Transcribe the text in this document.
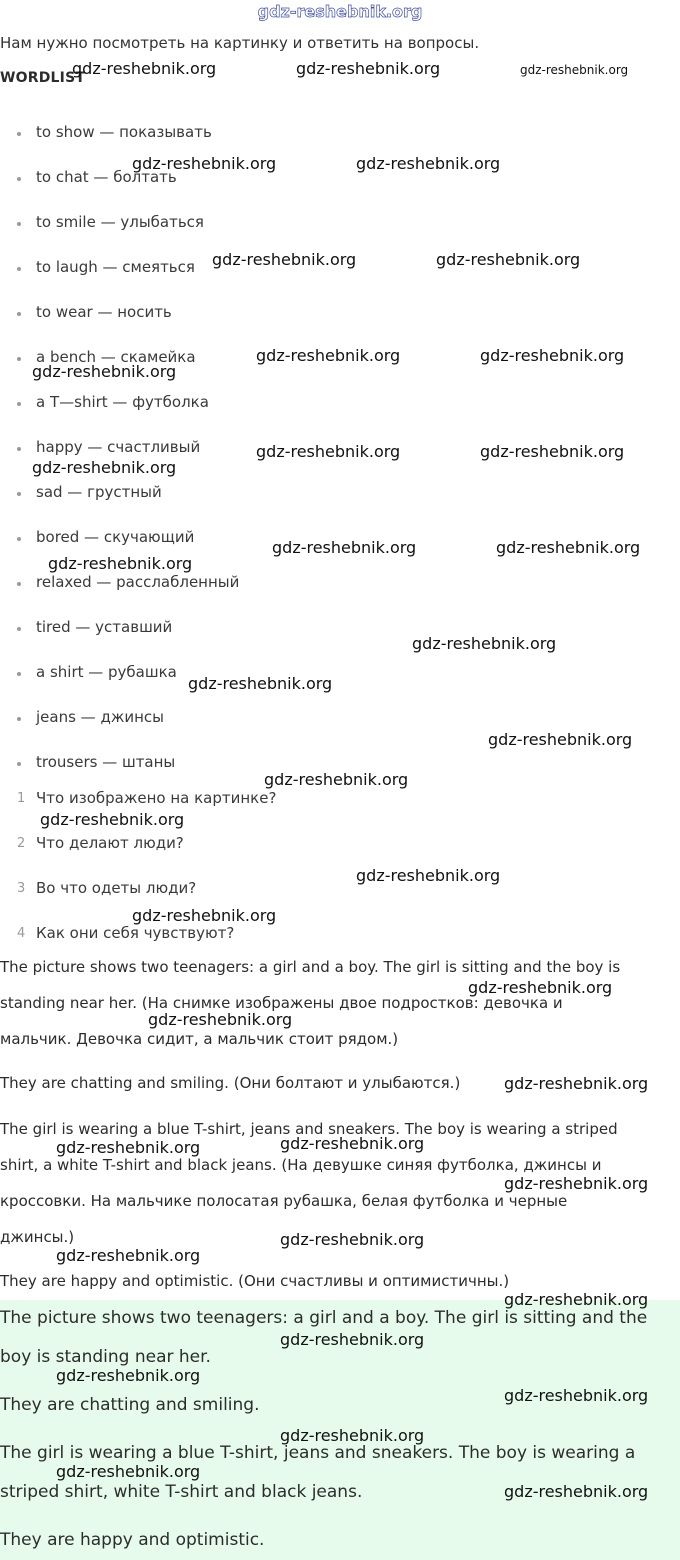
gdz-reshebnik.org
Нам нужно посмотреть на картинку и ответить на вопросы.
WORDLIST
to show — показывать
to chat — болтать
to smile — улыбаться
to laugh — смеяться
to wear — носить
a bench — скамейка
a T—shirt — футболка
happy — счастливый
sad — грустный
bored — скучающий
relaxed — расслабленный
tired — уставший
a shirt — рубашка
jeans — джинсы
trousers — штаны
1 Что изображено на картинке?
2 Что делают люди?
3 Во что одеты люди?
4 Как они себя чувствуют?
The picture shows two teenagers: a girl and a boy. The girl is sitting and the boy is
standing near her. (На снимке изображены двое подростков: девочка и
мальчик. Девочка сидит, а мальчик стоит рядом.)
They are chatting and smiling. (Они болтают и улыбаются.)
The girl is wearing a blue T-shirt, jeans and sneakers. The boy is wearing a striped
shirt, a white T-shirt and black jeans. (На девушке синяя футболка, джинсы и
кроссовки. На мальчике полосатая рубашка, белая футболка и черные
джинсы.)
They are happy and optimistic. (Они счастливы и оптимистичны.)
The picture shows two teenagers: a girl and a boy. The girl is sitting and the
boy is standing near her.
They are chatting and smiling.
The girl is wearing a blue T-shirt, jeans and sneakers. The boy is wearing a
striped shirt, white T-shirt and black jeans.
They are happy and optimistic.
gdz-reshebnik.org	gdz-reshebnik.org	gdz-reshebnik.org
gdz-reshebnik.org	gdz-reshebnik.org
gdz-reshebnik.org	gdz-reshebnik.org
gdz-reshebnik.org	gdz-reshebnik.org
gdz-reshebnik.org
gdz-reshebnik.org	gdz-reshebnik.org
gdz-reshebnik.org
gdz-reshebnik.org	gdz-reshebnik.org
gdz-reshebnik.org
gdz-reshebnik.org
gdz-reshebnik.org
gdz-reshebnik.org
gdz-reshebnik.org
gdz-reshebnik.org
gdz-reshebnik.org
gdz-reshebnik.org
gdz-reshebnik.org
gdz-reshebnik.org
gdz-reshebnik.org
gdz-reshebnik.org	gdz-reshebnik.org
gdz-reshebnik.org
gdz-reshebnik.org
gdz-reshebnik.org
gdz-reshebnik.org
gdz-reshebnik.org
gdz-reshebnik.org
gdz-reshebnik.org
gdz-reshebnik.org
gdz-reshebnik.org
gdz-reshebnik.org
